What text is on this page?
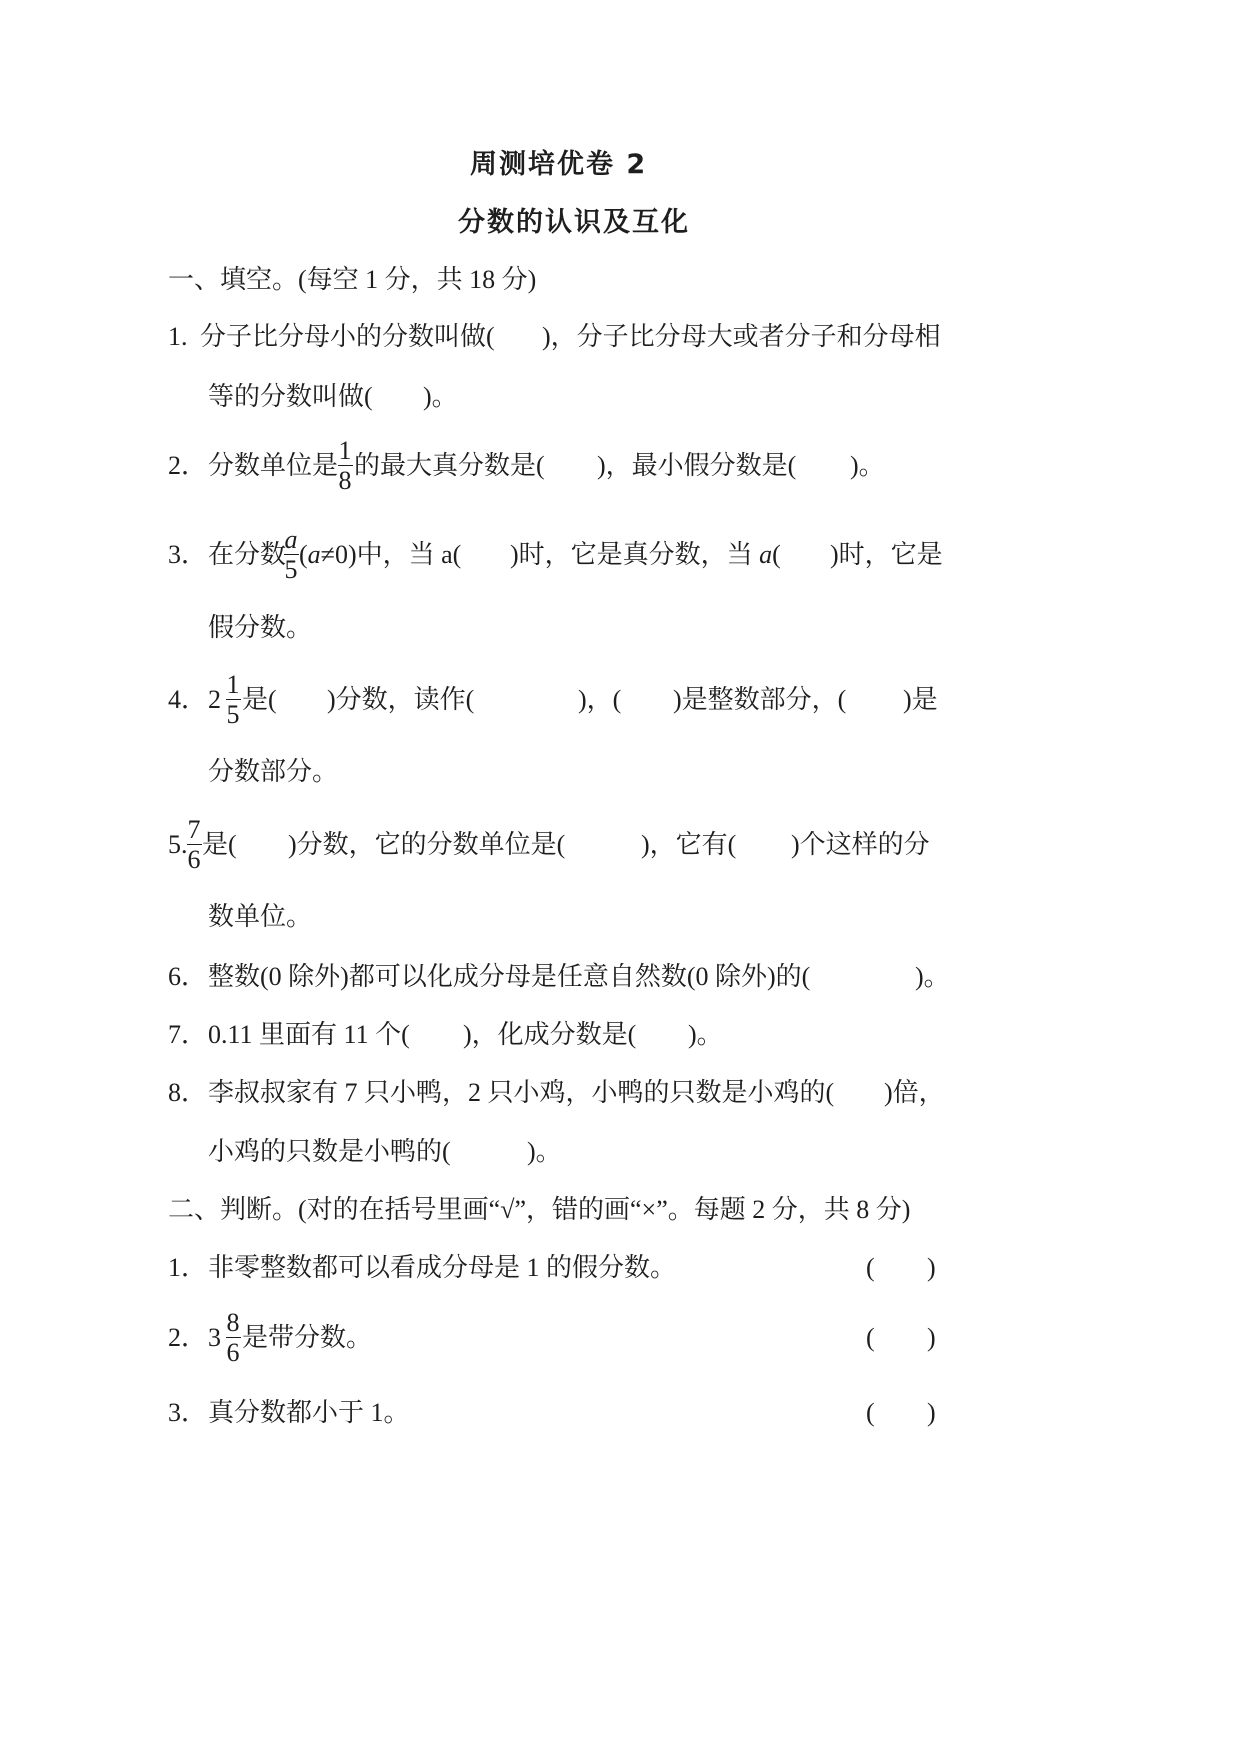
周测培优卷 2
分数的认识及互化
一、填空。(每空 1 分，共 18 分)
1. 分子比分母小的分数叫做( )，分子比分母大或者分子和分母相
等的分数叫做( )。
2． 分数单位是
1
8
的最大真分数是( )，最小假分数是( )。
3． 在分数
a
5
(a≠0)中，当 a( )时，它是真分数，当 a( )时，它是
假分数。
4． 2
1
5
是( )分数，读作(	)，( )是整数部分，( )是
分数部分。
5.
7
6
是( )分数，它的分数单位是(	)，它有( )个这样的分
数单位。
6． 整数(0 除外)都可以化成分母是任意自然数(0 除外)的(	)。
7． 0.11 里面有 11 个( )，化成分数是( )。
8． 李叔叔家有 7 只小鸭，2 只小鸡，小鸭的只数是小鸡的( )倍，
小鸡的只数是小鸭的(	)。
二、判断。(对的在括号里画“√”，错的画“×”。每题 2 分，共 8 分)
1． 非零整数都可以看成分母是 1 的假分数。	( )
2． 3
8
6
是带分数。	( )
3． 真分数都小于 1。	( )
